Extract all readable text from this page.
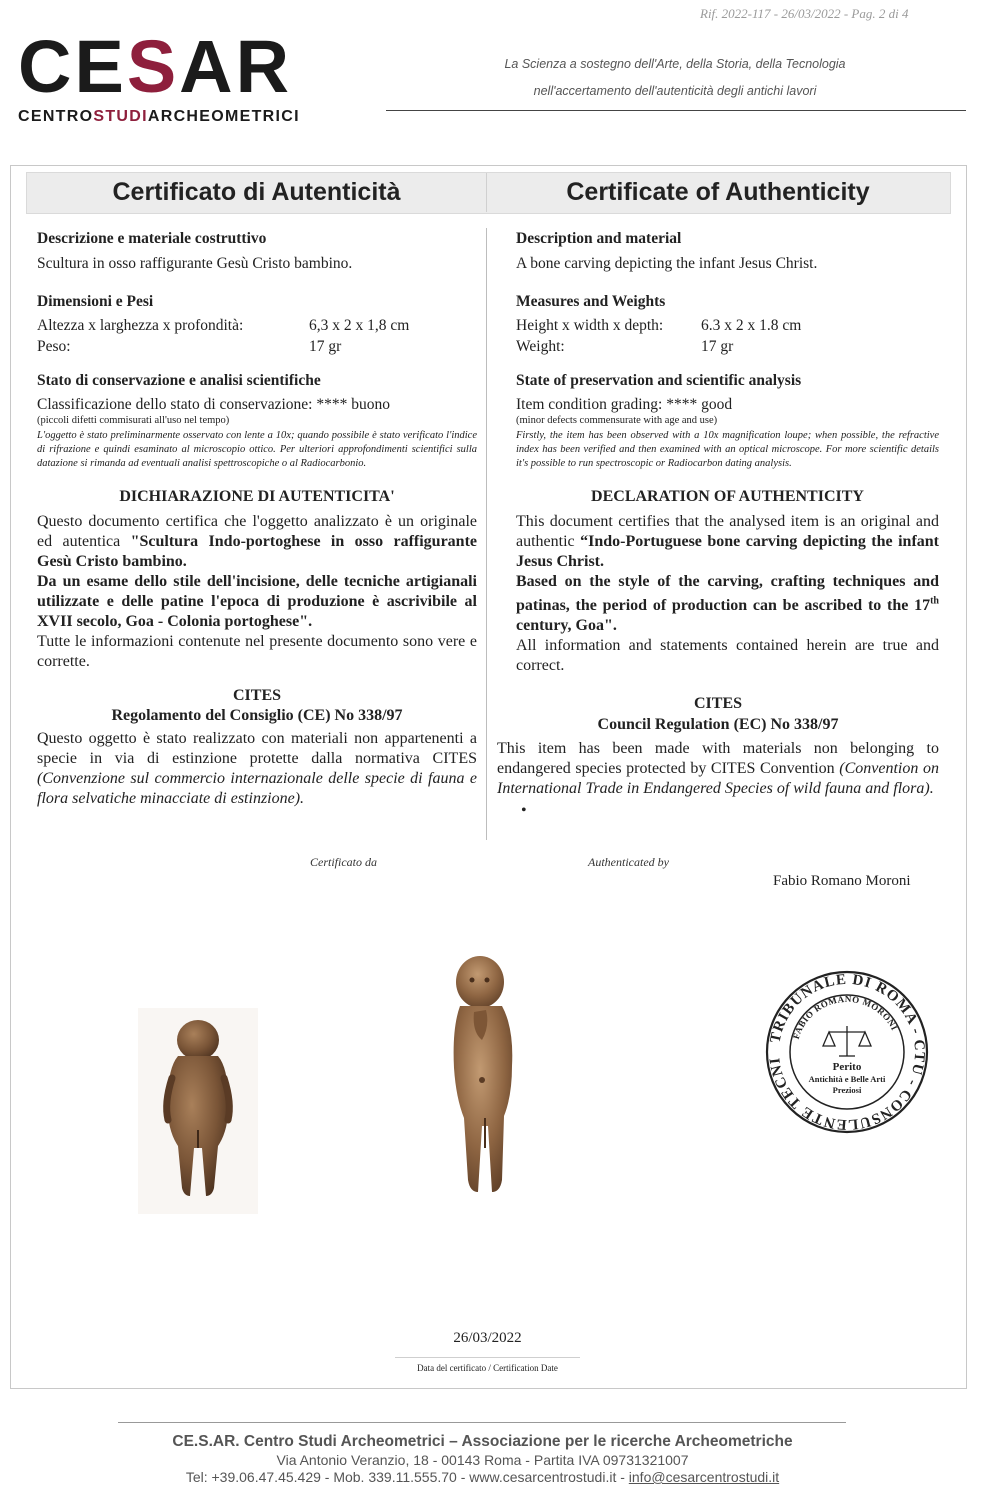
Rif. 2022-117 - 26/03/2022 - Pag. 2 di 4
CESAR
CENTROSTUDIARCHEOMETRICI
La Scienza a sostegno dell'Arte, della Storia, della Tecnologia
nell'accertamento dell'autenticità degli antichi lavori
Certificato di Autenticità	Certificate of Authenticity
Descrizione e materiale costruttivo
Scultura in osso raffigurante Gesù Cristo bambino.
Dimensioni e Pesi
Altezza x larghezza x profondità:	6,3 x 2 x 1,8 cm
Peso:	17 gr
Stato di conservazione e analisi scientifiche
Classificazione dello stato di conservazione: **** buono
(piccoli difetti commisurati all'uso nel tempo)
L'oggetto è stato preliminarmente osservato con lente a 10x; quando possibile è stato verificato l'indice di rifrazione e quindi esaminato al microscopio ottico. Per ulteriori approfondimenti scientifici sulla datazione si rimanda ad eventuali analisi spettroscopiche o al Radiocarbonio.
DICHIARAZIONE DI AUTENTICITA'
Questo documento certifica che l'oggetto analizzato è un originale ed autentica "Scultura Indo-portoghese in osso raffigurante Gesù Cristo bambino.
Da un esame dello stile dell'incisione, delle tecniche artigianali utilizzate e delle patine l'epoca di produzione è ascrivibile al XVII secolo, Goa - Colonia portoghese".
Tutte le informazioni contenute nel presente documento sono vere e corrette.
CITES
Regolamento del Consiglio (CE) No 338/97
Questo oggetto è stato realizzato con materiali non appartenenti a specie in via di estinzione protette dalla normativa CITES (Convenzione sul commercio internazionale delle specie di fauna e flora selvatiche minacciate di estinzione).
Description and material
A bone carving depicting the infant Jesus Christ.
Measures and Weights
Height x width x depth:	6.3 x 2 x 1.8 cm
Weight:	17 gr
State of preservation and scientific analysis
Item condition grading: **** good
(minor defects commensurate with age and use)
Firstly, the item has been observed with a 10x magnification loupe; when possible, the refractive index has been verified and then examined with an optical microscope. For more scientific details it's possible to run spectroscopic or Radiocarbon dating analysis.
DECLARATION OF AUTHENTICITY
This document certifies that the analysed item is an original and authentic “Indo-Portuguese bone carving depicting the infant Jesus Christ.
Based on the style of the carving, crafting techniques and patinas, the period of production can be ascribed to the 17th century, Goa".
All information and statements contained herein are true and correct.
CITES
Council Regulation (EC) No 338/97
This item has been made with materials non belonging to endangered species protected by CITES Convention (Convention on International Trade in Endangered Species of wild fauna and flora).
•
Certificato da	Authenticated by
Fabio Romano Moroni
TRIBUNALE DI ROMA - CTU - CONSULENTE TECNI
FABIO ROMANO MORONI
Perito
Antichità e Belle Arti
Preziosi
26/03/2022
Data del certificato / Certification Date
CE.S.AR. Centro Studi Archeometrici – Associazione per le ricerche Archeometriche
Via Antonio Veranzio, 18 - 00143 Roma - Partita IVA 09731321007
Tel: +39.06.47.45.429 - Mob. 339.11.555.70 - www.cesarcentrostudi.it - info@cesarcentrostudi.it
